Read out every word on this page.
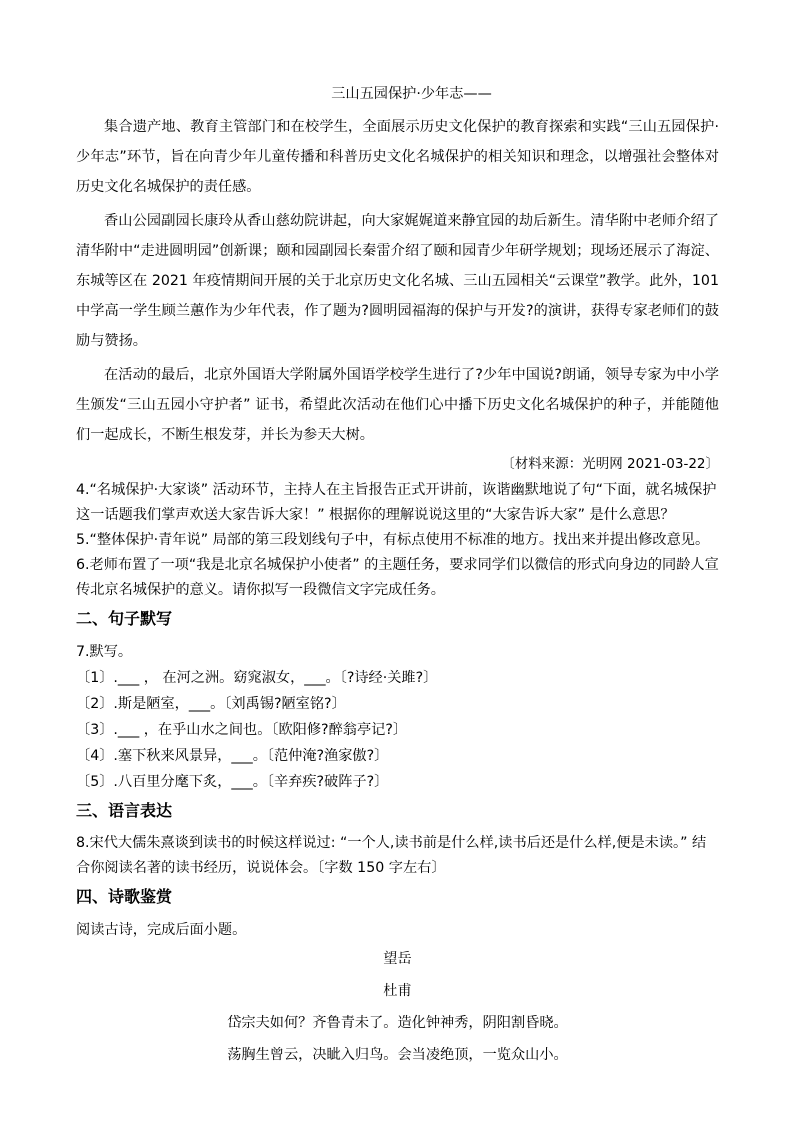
三山五园保护·少年志——
集合遗产地、教育主管部门和在校学生，全面展示历史文化保护的教育探索和实践“三山五园保护·少年志”环节，旨在向青少年儿童传播和科普历史文化名城保护的相关知识和理念，以增强社会整体对历史文化名城保护的责任感。
香山公园副园长康玲从香山慈幼院讲起，向大家娓娓道来静宜园的劫后新生。清华附中老师介绍了清华附中“走进圆明园”创新课；颐和园副园长秦雷介绍了颐和园青少年研学规划；现场还展示了海淀、东城等区在 2021 年疫情期间开展的关于北京历史文化名城、三山五园相关“云课堂”教学。此外，101 中学高一学生顾兰蕙作为少年代表，作了题为?圆明园福海的保护与开发?的演讲，获得专家老师们的鼓励与赞扬。
在活动的最后，北京外国语大学附属外国语学校学生进行了?少年中国说?朗诵，领导专家为中小学生颁发“三山五园小守护者” 证书，希望此次活动在他们心中播下历史文化名城保护的种子，并能随他们一起成长，不断生根发芽，并长为参天大树。
〔材料来源：光明网 2021-03-22〕
4.“名城保护·大家谈” 活动环节，主持人在主旨报告正式开讲前，诙谐幽默地说了句“下面，就名城保护这一话题我们掌声欢送大家告诉大家！” 根据你的理解说说这里的“大家告诉大家” 是什么意思？
5.“整体保护·青年说” 局部的第三段划线句子中，有标点使用不标准的地方。找出来并提出修改意见。
6.老师布置了一项“我是北京名城保护小使者” 的主题任务，要求同学们以微信的形式向身边的同龄人宣传北京名城保护的意义。请你拟写一段微信文字完成任务。
二、句子默写
7.默写。
〔1〕.___ ， 在河之洲。窈窕淑女，___。〔?诗经·关雎?〕
〔2〕.斯是陋室，___。〔刘禹锡?陋室铭?〕
〔3〕.___ ，在乎山水之间也。〔欧阳修?醉翁亭记?〕
〔4〕.塞下秋来风景异，___。〔范仲淹?渔家傲?〕
〔5〕.八百里分麾下炙，___。〔辛弃疾?破阵子?〕
三、语言表达
8.宋代大儒朱熹谈到读书的时候这样说过: “一个人,读书前是什么样,读书后还是什么样,便是未读。” 结合你阅读名著的读书经历，说说体会。〔字数 150 字左右〕
四、诗歌鉴赏
阅读古诗，完成后面小题。
望岳
杜甫
岱宗夫如何？齐鲁青未了。造化钟神秀，阴阳割昏晓。
荡胸生曾云，决眦入归鸟。会当凌绝顶，一览众山小。
